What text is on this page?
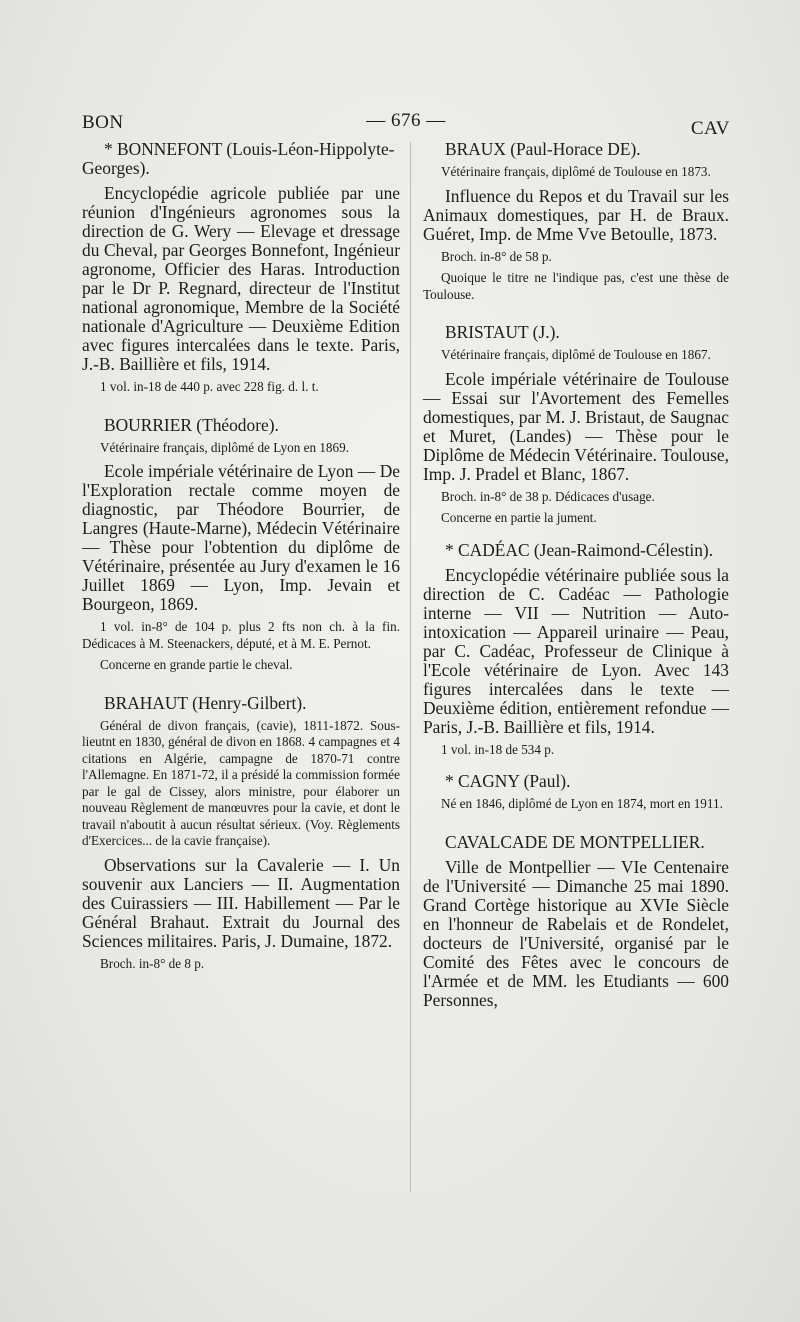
BON	— 676 —	CAV

* BONNEFONT (Louis-Léon-Hippolyte-Georges).

Encyclopédie agricole publiée par une réunion d'Ingénieurs agronomes sous la direction de G. Wery — Elevage et dressage du Cheval, par Georges Bonnefont, Ingénieur agronome, Officier des Haras. Introduction par le Dr P. Regnard, directeur de l'Institut national agronomique, Membre de la Société nationale d'Agriculture — Deuxième Edition avec figures intercalées dans le texte. Paris, J.-B. Baillière et fils, 1914.

1 vol. in-18 de 440 p. avec 228 fig. d. l. t.

BOURRIER (Théodore).

Vétérinaire français, diplômé de Lyon en 1869.

Ecole impériale vétérinaire de Lyon — De l'Exploration rectale comme moyen de diagnostic, par Théodore Bourrier, de Langres (Haute-Marne), Médecin Vétérinaire — Thèse pour l'obtention du diplôme de Vétérinaire, présentée au Jury d'examen le 16 Juillet 1869 — Lyon, Imp. Jevain et Bourgeon, 1869.

1 vol. in-8° de 104 p. plus 2 fts non ch. à la fin. Dédicaces à M. Steenackers, député, et à M. E. Pernot.

Concerne en grande partie le cheval.

BRAHAUT (Henry-Gilbert).

Général de divon français, (cavie), 1811-1872. Sous-lieutnt en 1830, général de divon en 1868. 4 campagnes et 4 citations en Algérie, campagne de 1870-71 contre l'Allemagne. En 1871-72, il a présidé la commission formée par le gal de Cissey, alors ministre, pour élaborer un nouveau Règlement de manœuvres pour la cavie, et dont le travail n'aboutit à aucun résultat sérieux. (Voy. Règlements d'Exercices... de la cavie française).

Observations sur la Cavalerie — I. Un souvenir aux Lanciers — II. Augmentation des Cuirassiers — III. Habillement — Par le Général Brahaut. Extrait du Journal des Sciences militaires. Paris, J. Dumaine, 1872.

Broch. in-8° de 8 p.

BRAUX (Paul-Horace DE).

Vétérinaire français, diplômé de Toulouse en 1873.

Influence du Repos et du Travail sur les Animaux domestiques, par H. de Braux. Guéret, Imp. de Mme Vve Betoulle, 1873.

Broch. in-8° de 58 p.

Quoique le titre ne l'indique pas, c'est une thèse de Toulouse.

BRISTAUT (J.).

Vétérinaire français, diplômé de Toulouse en 1867.

Ecole impériale vétérinaire de Toulouse — Essai sur l'Avortement des Femelles domestiques, par M. J. Bristaut, de Saugnac et Muret, (Landes) — Thèse pour le Diplôme de Médecin Vétérinaire. Toulouse, Imp. J. Pradel et Blanc, 1867.

Broch. in-8° de 38 p. Dédicaces d'usage.

Concerne en partie la jument.

* CADÉAC (Jean-Raimond-Célestin).

Encyclopédie vétérinaire publiée sous la direction de C. Cadéac — Pathologie interne — VII — Nutrition — Auto-intoxication — Appareil urinaire — Peau, par C. Cadéac, Professeur de Clinique à l'Ecole vétérinaire de Lyon. Avec 143 figures intercalées dans le texte — Deuxième édition, entièrement refondue — Paris, J.-B. Baillière et fils, 1914.

1 vol. in-18 de 534 p.

* CAGNY (Paul).

Né en 1846, diplômé de Lyon en 1874, mort en 1911.

CAVALCADE DE MONTPELLIER.

Ville de Montpellier — VIe Centenaire de l'Université — Dimanche 25 mai 1890. Grand Cortège historique au XVIe Siècle en l'honneur de Rabelais et de Rondelet, docteurs de l'Université, organisé par le Comité des Fêtes avec le concours de l'Armée et de MM. les Etudiants — 600 Personnes,
